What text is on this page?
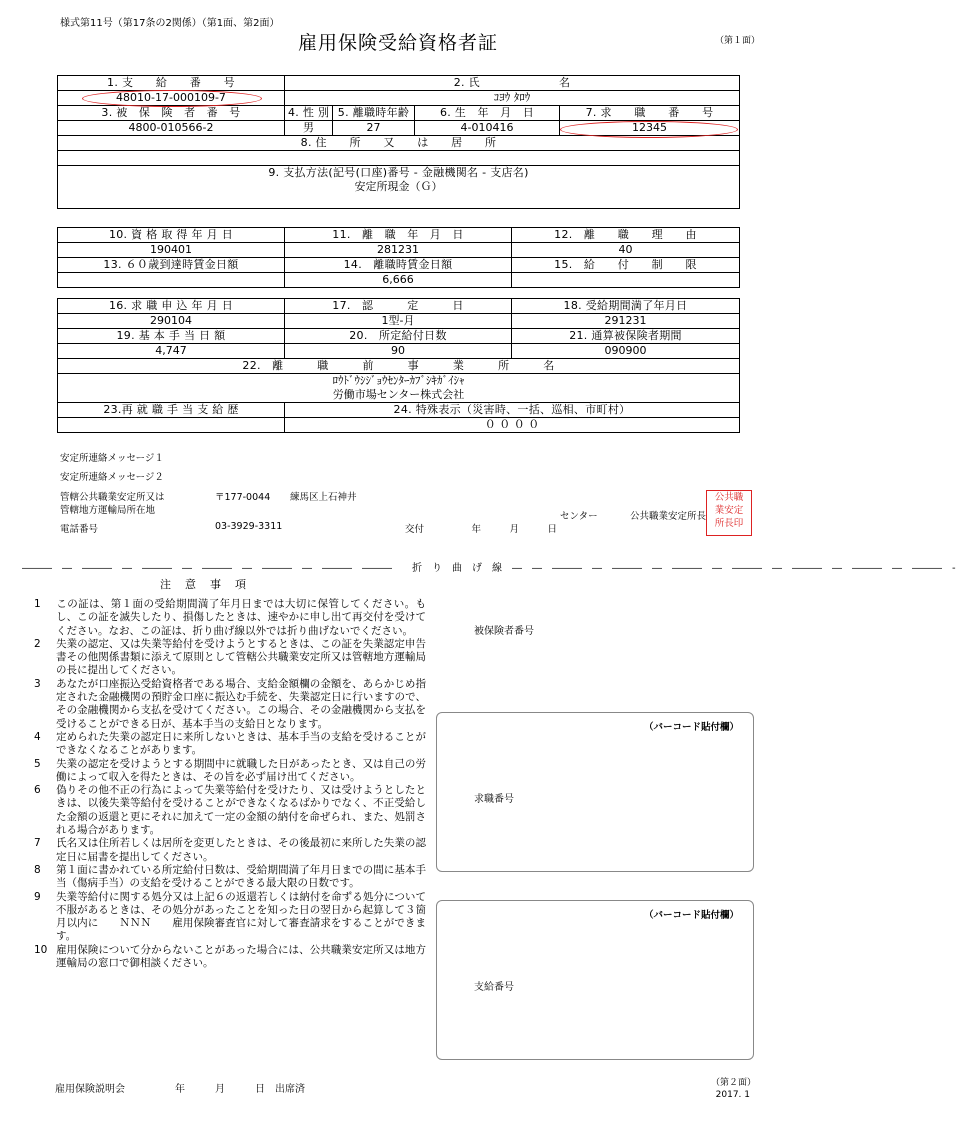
様式第11号（第17条の2関係）（第1面、第2面）
雇用保険受給資格者証	（第１面）
1. 支　　給　　番　　号	2. 氏　　　　　　　名			
48010-17-000109-7	ｺﾖｳ ﾀﾛｳ			
3. 被　保　険　者　番　号	4. 性 別	5. 離職時年齢	6. 生　年　月　日	7. 求　　職　　番　　号
4800-010566-2	男	27	4-010416	12345
8. 住　　所　　又　　は　　居　　所				

9. 支払方法(記号(口座)番号 - 金融機関名 - 支店名)				
安定所現金（Ｇ）				
10. 資 格 取 得 年 月 日	11.　離　職　年　月　日	12.　離　　職　　理　　由
190401	281231	40
13. ６０歳到達時賃金日額	14.　離職時賃金日額	15.　給　　付　　制　　限
	6,666	
16. 求 職 申 込 年 月 日	17.　認　　　定　　　日	18. 受給期間満了年月日
290104	1型-月	291231
19. 基 本 手 当 日 額	20.　所定給付日数	21. 通算被保険者期間
4,747	90	090900
22.　離　　　職　　　前　　　事　　　業　　　所　　　名		

ﾛｳﾄﾞｳｼｼﾞｮｳｾﾝﾀｰｶﾌﾞｼｷｶﾞｲｼｬ
労働市場センター株式会社		

23.再 就 職 手 当 支 給 歴	24. 特殊表示（災害時、一括、巡相、市町村）	
	０ ０ ０ ０	
安定所連絡メッセージ１
安定所連絡メッセージ２
管轄公共職業安定所又は
管轄地方運輸局所在地
〒177-0044 練馬区上石神井
センター	公共職業安定所長
電話番号	03-3929-3311	交付　　　　　年　　　月　　　日
公共職
業安定
所長印
―――　―　―――　―　―――　―　―――　―　―――　―　―――　―――　　折　り　曲　げ　線　―　―　―――　―　―――　―　―――　―　―――　―　―――　―　―――　―　―――　-
注意事項

1 この証は、第１面の受給期間満了年月日までは大切に保管してください。もし、この証を滅失したり、損傷したときは、速やかに申し出て再交付を受けてください。なお、この証は、折り曲げ線以外では折り曲げないでください。

2 失業の認定、又は失業等給付を受けようとするときは、この証を失業認定申告書その他関係書類に添えて原則として管轄公共職業安定所又は管轄地方運輸局の長に提出してください。

3 あなたが口座振込受給資格者である場合、支給金額欄の金額を、あらかじめ指定された金融機関の預貯金口座に振込む手続を、失業認定日に行いますので、その金融機関から支払を受けてください。この場合、その金融機関から支払を受けることができる日が、基本手当の支給日となります。

4 定められた失業の認定日に来所しないときは、基本手当の支給を受けることができなくなることがあります。

5 失業の認定を受けようとする期間中に就職した日があったとき、又は自己の労働によって収入を得たときは、その旨を必ず届け出てください。

6 偽りその他不正の行為によって失業等給付を受けたり、又は受けようとしたときは、以後失業等給付を受けることができなくなるばかりでなく、不正受給した金額の返還と更にそれに加えて一定の金額の納付を命ぜられ、また、処罰される場合があります。

7 氏名又は住所若しくは居所を変更したときは、その後最初に来所した失業の認定日に届書を提出してください。

8 第１面に書かれている所定給付日数は、受給期間満了年月日までの間に基本手当（傷病手当）の支給を受けることができる最大限の日数です。

9 失業等給付に関する処分又は上記６の返還若しくは納付を命ずる処分について不服があるときは、その処分があったことを知った日の翌日から起算して３箇月以内に　　ＮＮＮ　　雇用保険審査官に対して審査請求をすることができます。

10 雇用保険について分からないことがあった場合には、公共職業安定所又は地方運輸局の窓口で御相談ください。

被保険者番号
（バーコード貼付欄）
求職番号
（バーコード貼付欄）
支給番号
雇用保険説明会　　　　　年　　　月　　　日　出席済
（第２面）
2017. 1
